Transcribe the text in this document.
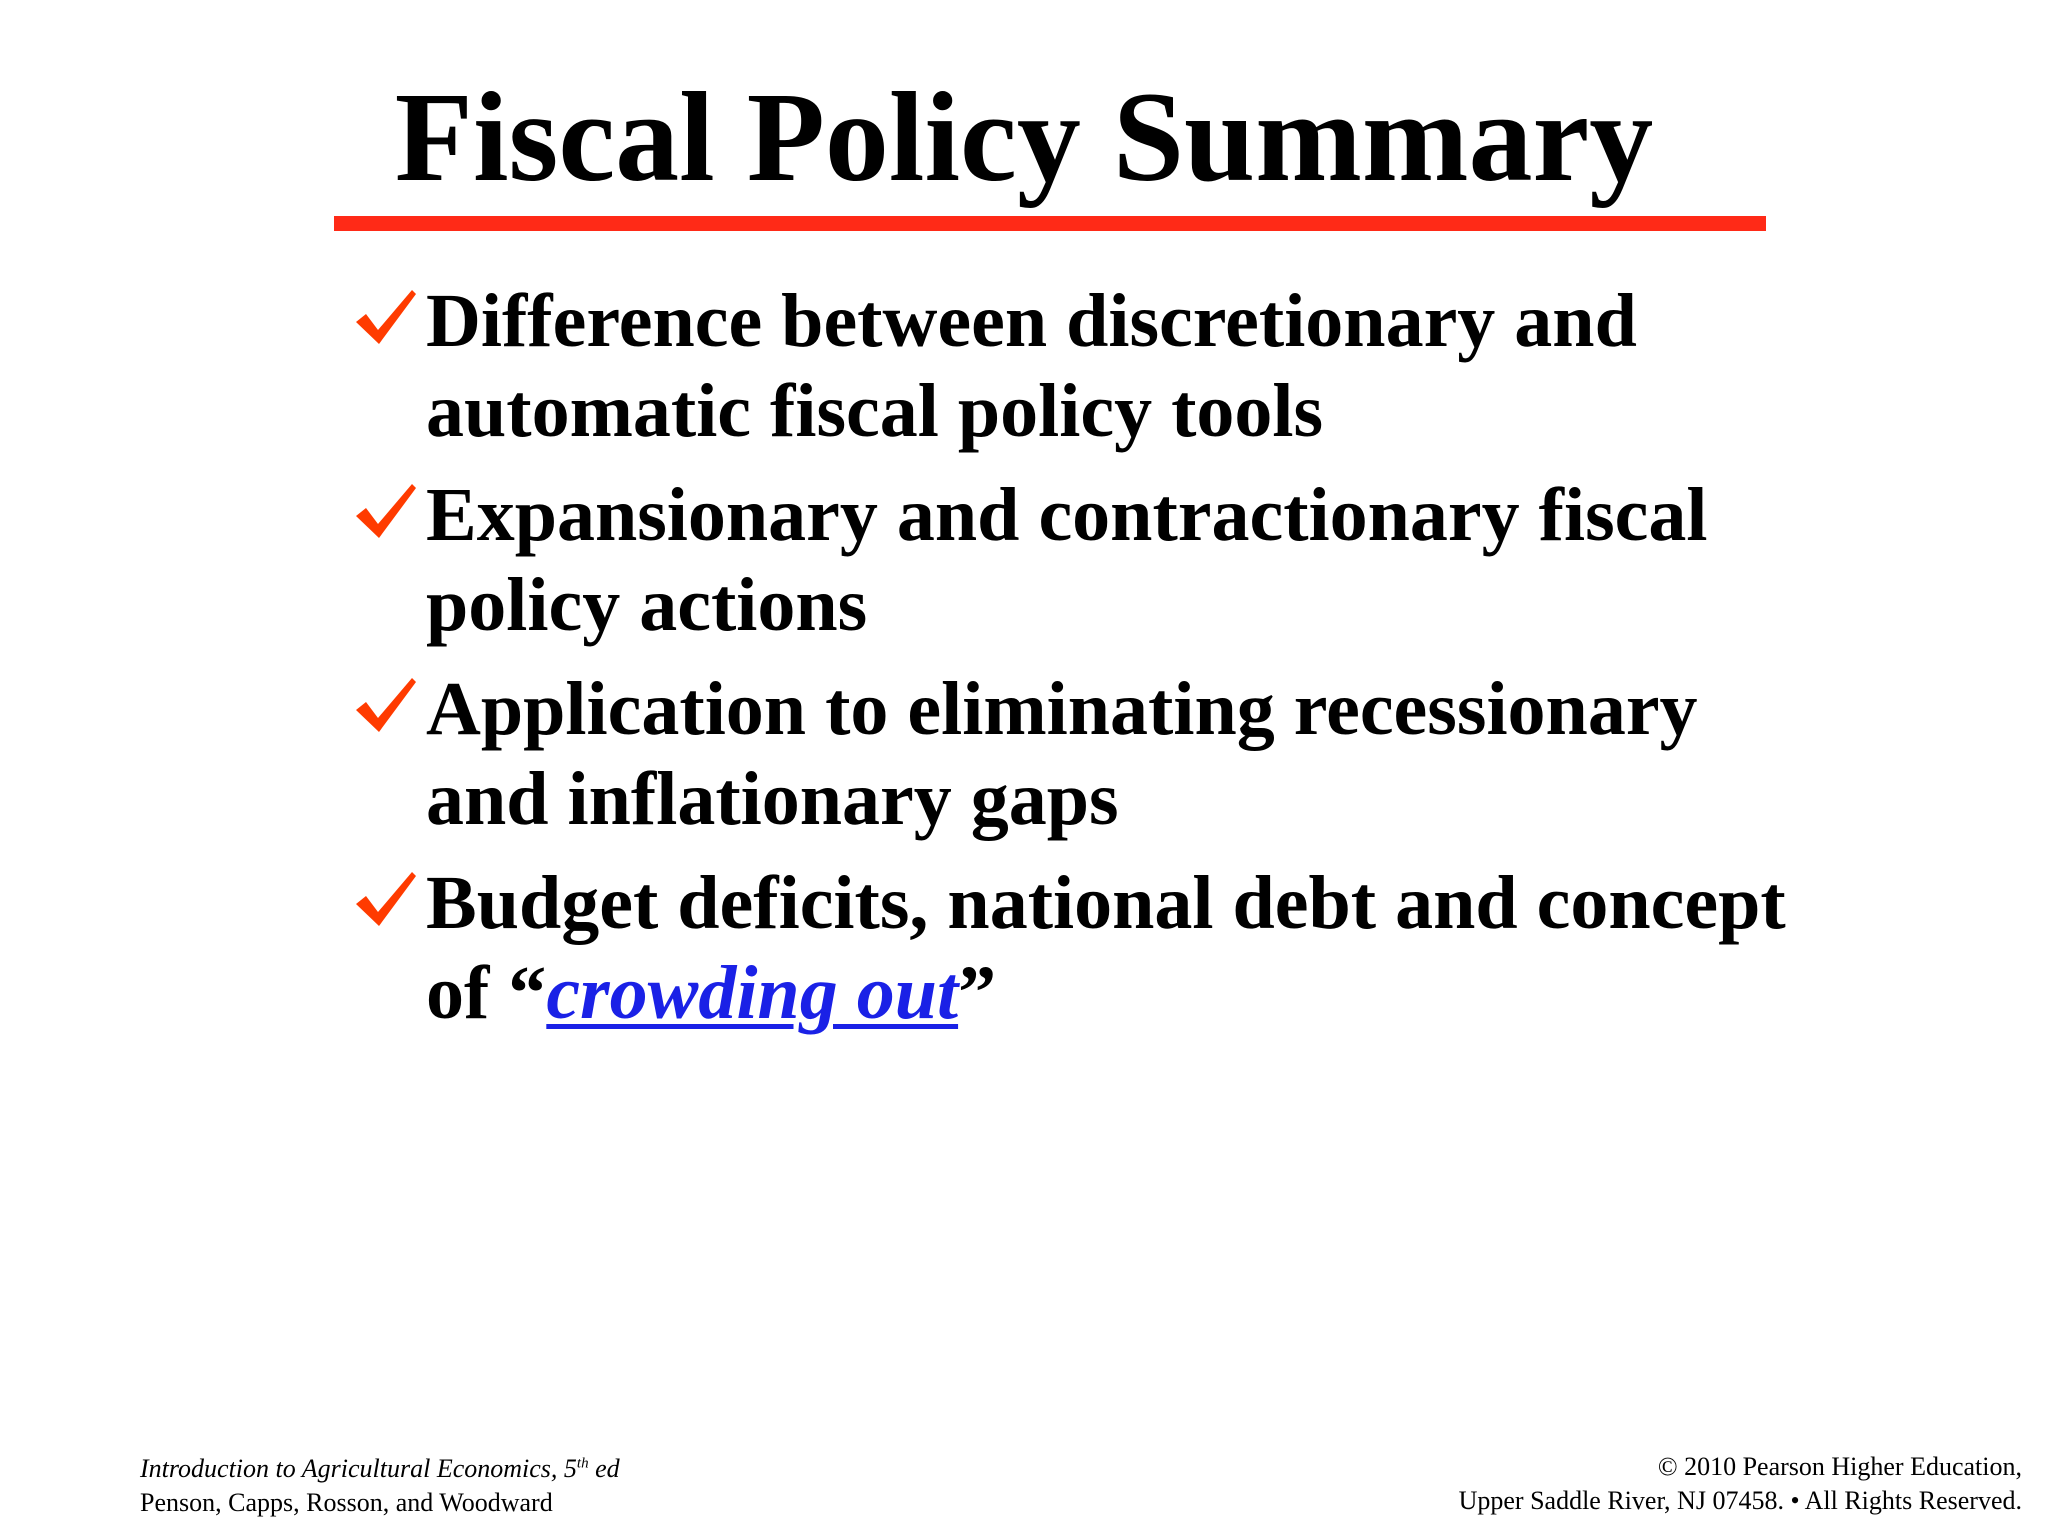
Fiscal Policy Summary
Difference between discretionary and automatic fiscal policy tools
Expansionary and contractionary fiscal policy actions
Application to eliminating recessionary and inflationary gaps
Budget deficits, national debt and concept of “crowding out”
Introduction to Agricultural Economics, 5th ed
Penson, Capps, Rosson, and Woodward
© 2010 Pearson Higher Education,
Upper Saddle River, NJ 07458. • All Rights Reserved.
